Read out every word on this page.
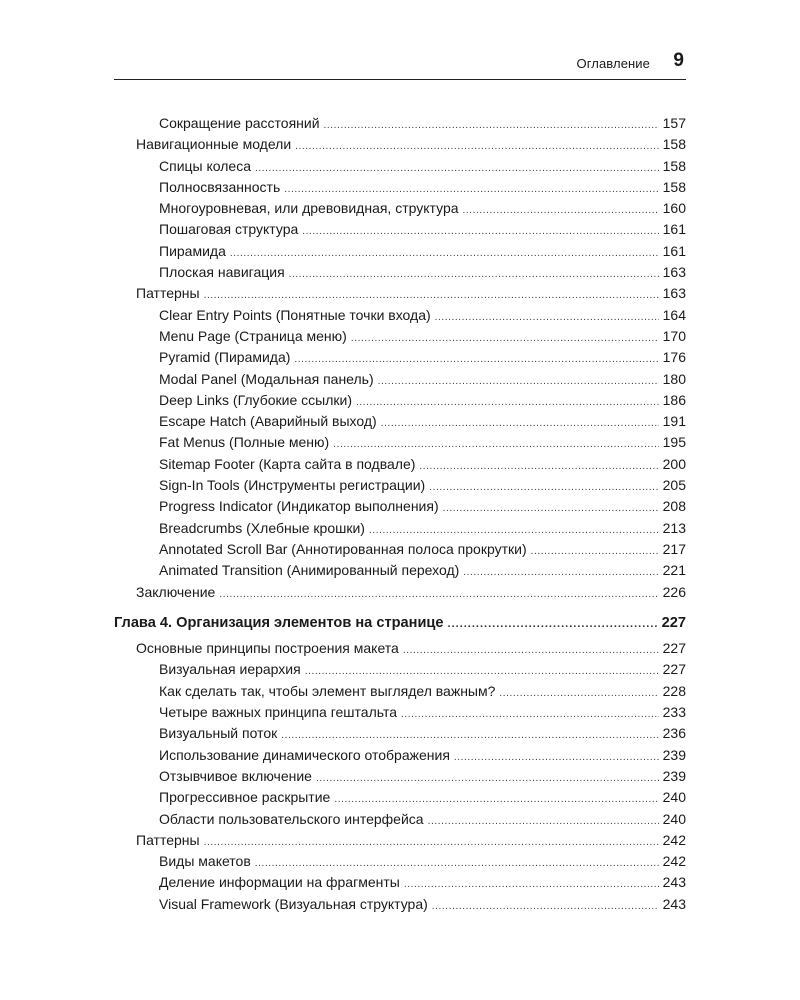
Оглавление 9
Сокращение расстояний .....	157
Навигационные модели .....	158
Спицы колеса .....	158
Полносвязанность .....	158
Многоуровневая, или древовидная, структура .....	160
Пошаговая структура .....	161
Пирамида .....	161
Плоская навигация .....	163
Паттерны .....	163
Clear Entry Points (Понятные точки входа) .....	164
Menu Page (Страница меню) .....	170
Pyramid (Пирамида) .....	176
Modal Panel (Модальная панель) .....	180
Deep Links (Глубокие ссылки) .....	186
Escape Hatch (Аварийный выход) .....	191
Fat Menus (Полные меню) .....	195
Sitemap Footer (Карта сайта в подвале) .....	200
Sign-In Tools (Инструменты регистрации) .....	205
Progress Indicator (Индикатор выполнения) .....	208
Breadcrumbs (Хлебные крошки) .....	213
Annotated Scroll Bar (Аннотированная полоса прокрутки) .....	217
Animated Transition (Анимированный переход) .....	221
Заключение .....	226
Глава 4. Организация элементов на странице .....	227
Основные принципы построения макета .....	227
Визуальная иерархия .....	227
Как сделать так, чтобы элемент выглядел важным? .....	228
Четыре важных принципа гештальта .....	233
Визуальный поток .....	236
Использование динамического отображения .....	239
Отзывчивое включение .....	239
Прогрессивное раскрытие .....	240
Области пользовательского интерфейса .....	240
Паттерны .....	242
Виды макетов .....	242
Деление информации на фрагменты .....	243
Visual Framework (Визуальная структура) .....	243
